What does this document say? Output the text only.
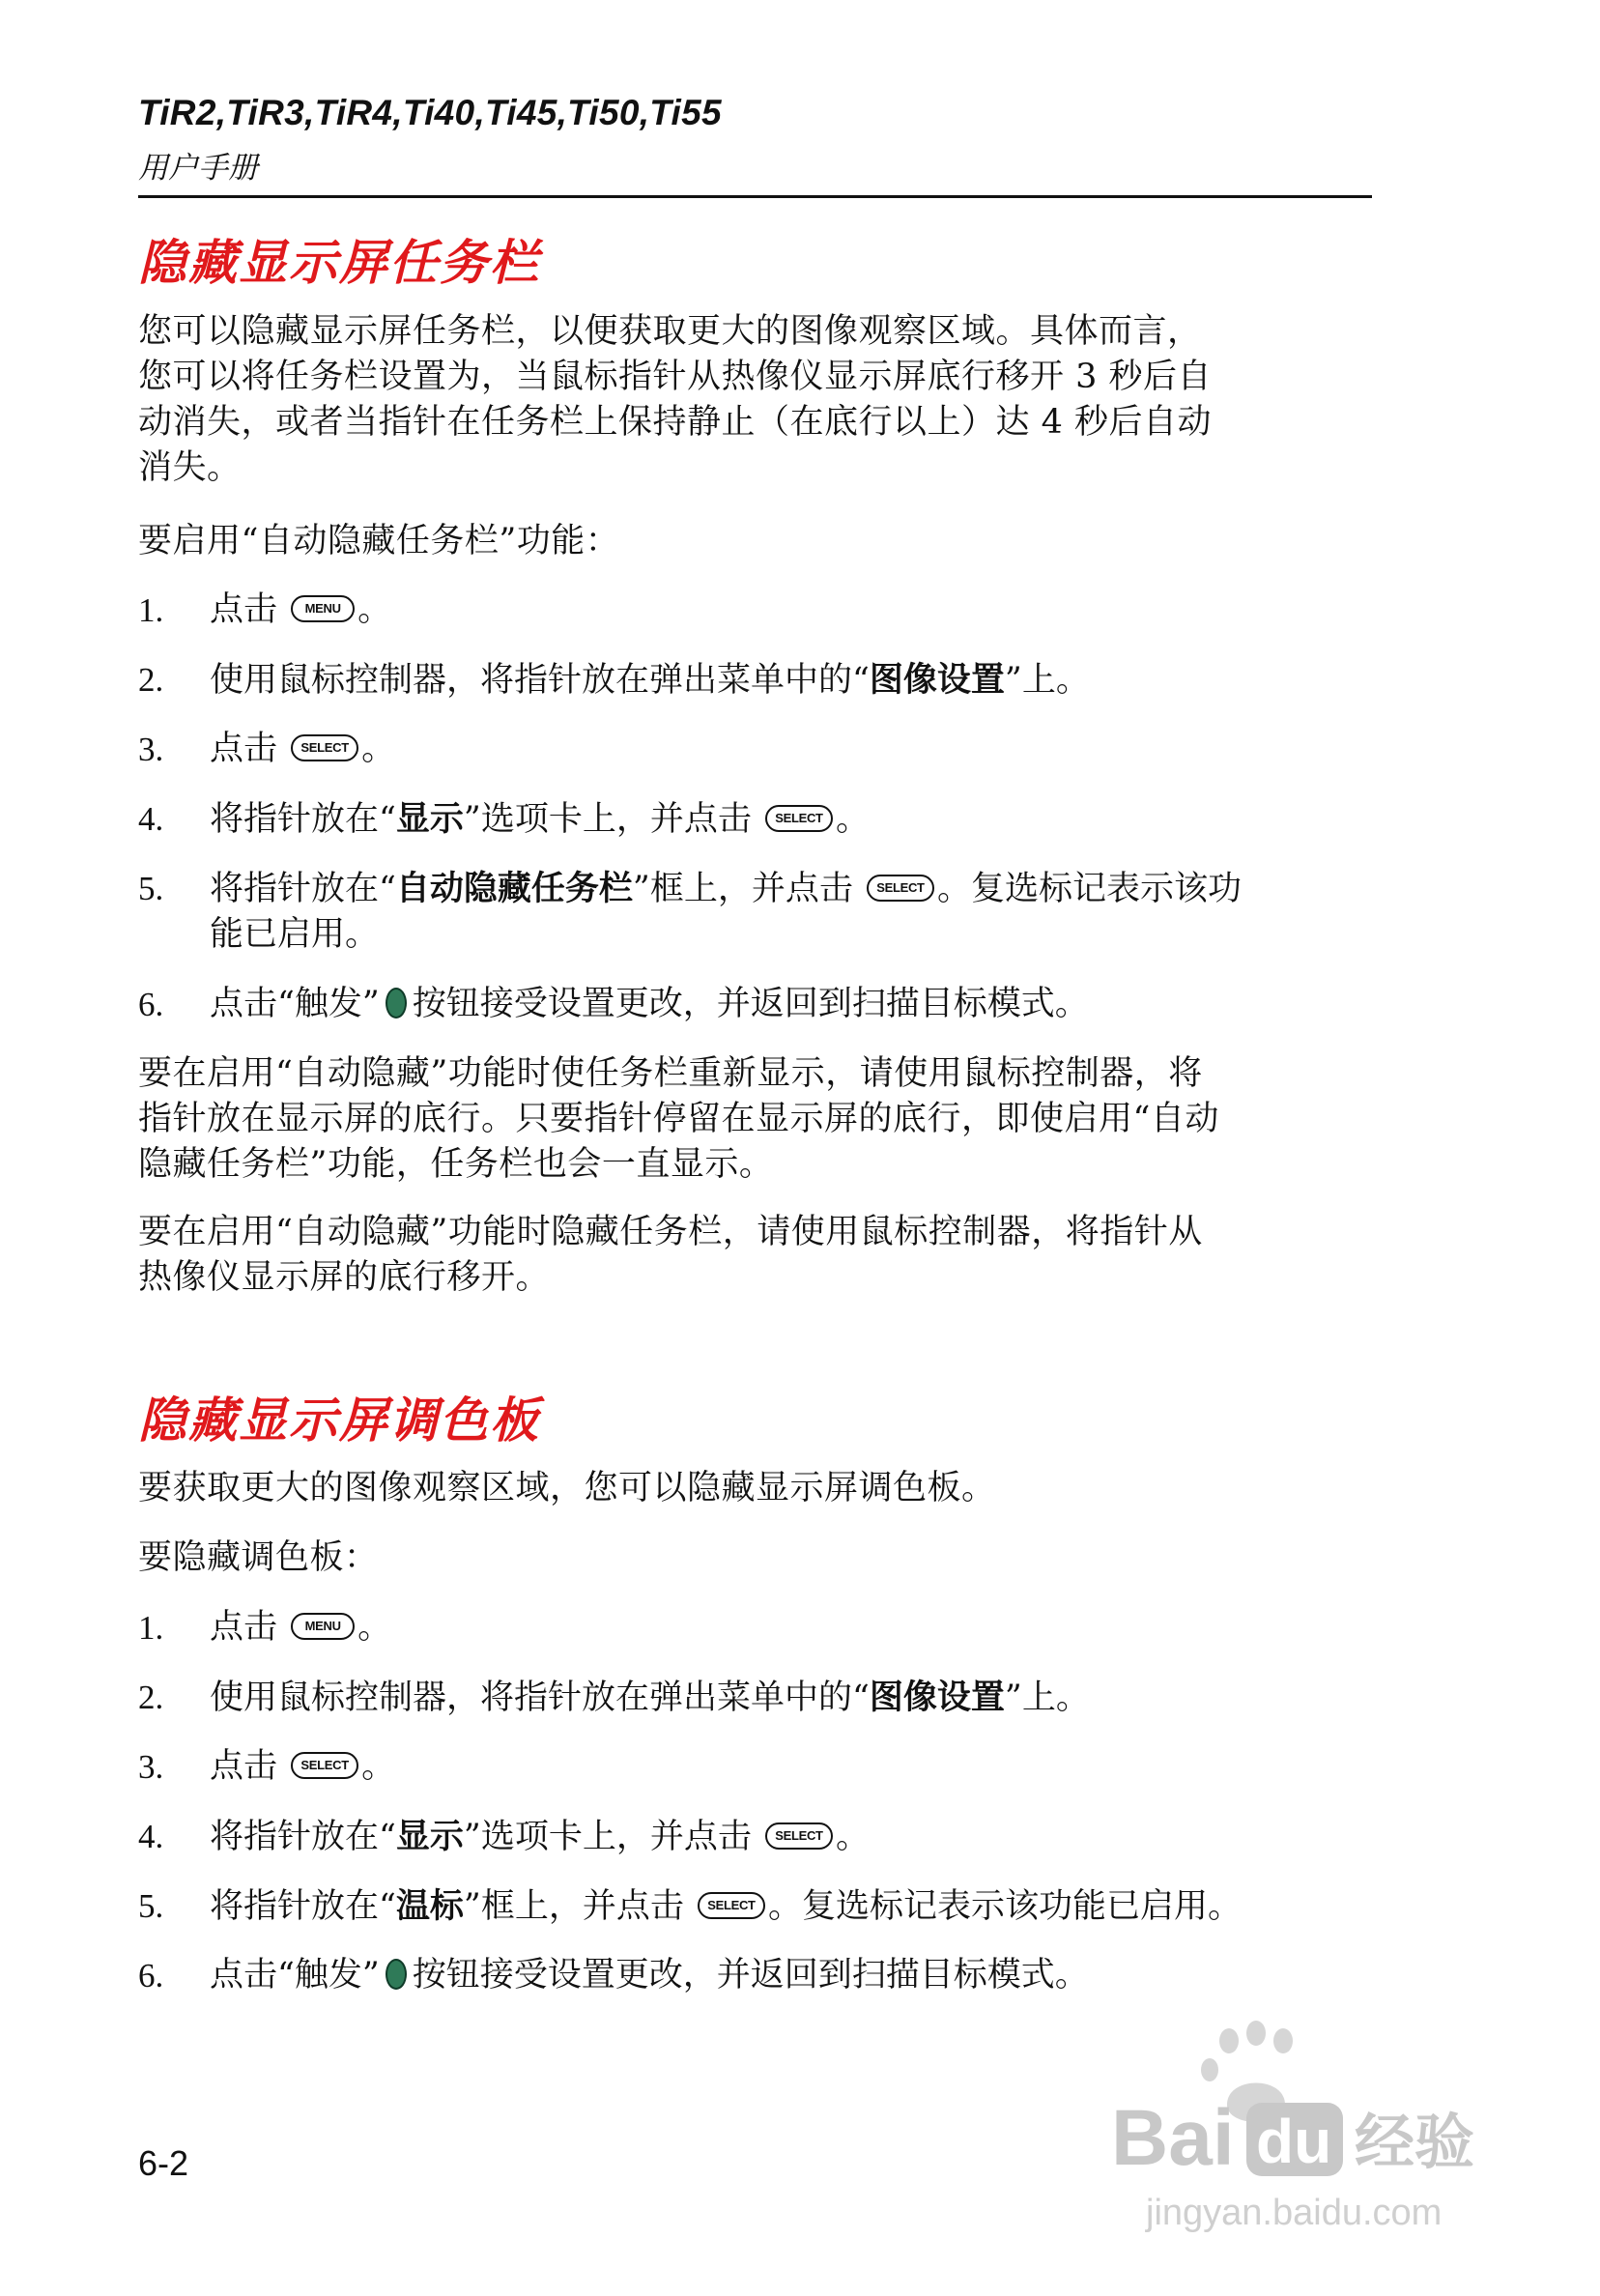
TiR2,TiR3,TiR4,Ti40,Ti45,Ti50,Ti55
用户手册
隐藏显示屏任务栏
您可以隐藏显示屏任务栏，以便获取更大的图像观察区域。具体而言，
您可以将任务栏设置为，当鼠标指针从热像仪显示屏底行移开 3 秒后自
动消失，或者当指针在任务栏上保持静止（在底行以上）达 4 秒后自动
消失。
要启用“自动隐藏任务栏”功能：
1. 点击 MENU 。
2. 使用鼠标控制器，将指针放在弹出菜单中的“图像设置”上。
3. 点击 SELECT 。
4. 将指针放在“显示”选项卡上，并点击 SELECT 。
5. 将指针放在“自动隐藏任务栏”框上，并点击 SELECT 。复选标记表示该功
能已启用。
6. 点击“触发” 按钮接受设置更改，并返回到扫描目标模式。
要在启用“自动隐藏”功能时使任务栏重新显示，请使用鼠标控制器，将
指针放在显示屏的底行。只要指针停留在显示屏的底行，即使启用“自动
隐藏任务栏”功能，任务栏也会一直显示。
要在启用“自动隐藏”功能时隐藏任务栏，请使用鼠标控制器，将指针从
热像仪显示屏的底行移开。
隐藏显示屏调色板
要获取更大的图像观察区域，您可以隐藏显示屏调色板。
要隐藏调色板：
1. 点击 MENU 。
2. 使用鼠标控制器，将指针放在弹出菜单中的“图像设置”上。
3. 点击 SELECT 。
4. 将指针放在“显示”选项卡上，并点击 SELECT 。
5. 将指针放在“温标”框上，并点击 SELECT 。复选标记表示该功能已启用。
6. 点击“触发” 按钮接受设置更改，并返回到扫描目标模式。
6-2	Bai du 经验
jingyan.baidu.com
